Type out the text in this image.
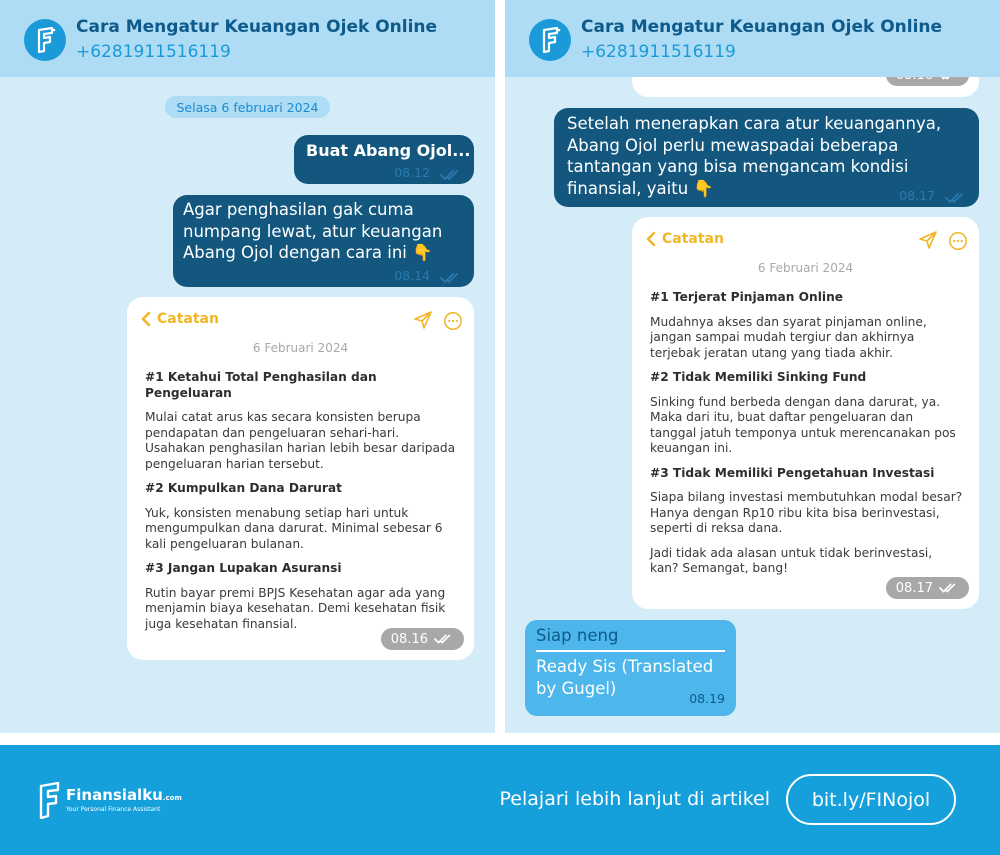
Cara Mengatur Keuangan Ojek Online
+6281911516119
Selasa 6 februari 2024
Buat Abang Ojol...
08.12
Agar penghasilan gak cuma numpang lewat, atur keuangan Abang Ojol dengan cara ini 👇
08.14
Catatan
6 Februari 2024
#1 Ketahui Total Penghasilan dan Pengeluaran
Mulai catat arus kas secara konsisten berupa pendapatan dan pengeluaran sehari-hari. Usahakan penghasilan harian lebih besar daripada pengeluaran harian tersebut.
#2 Kumpulkan Dana Darurat
Yuk, konsisten menabung setiap hari untuk mengumpulkan dana darurat. Minimal sebesar 6 kali pengeluaran bulanan.
#3 Jangan Lupakan Asuransi
Rutin bayar premi BPJS Kesehatan agar ada yang menjamin biaya kesehatan. Demi kesehatan fisik juga kesehatan finansial.
08.16
Cara Mengatur Keuangan Ojek Online
+6281911516119
Setelah menerapkan cara atur keuangannya, Abang Ojol perlu mewaspadai beberapa tantangan yang bisa mengancam kondisi finansial, yaitu 👇	08.17
Catatan
6 Februari 2024
#1 Terjerat Pinjaman Online
Mudahnya akses dan syarat pinjaman online, jangan sampai mudah tergiur dan akhirnya terjebak jeratan utang yang tiada akhir.
#2 Tidak Memiliki Sinking Fund
Sinking fund berbeda dengan dana darurat, ya. Maka dari itu, buat daftar pengeluaran dan tanggal jatuh temponya untuk merencanakan pos keuangan ini.
#3 Tidak Memiliki Pengetahuan Investasi
Siapa bilang investasi membutuhkan modal besar? Hanya dengan Rp10 ribu kita bisa berinvestasi, seperti di reksa dana.
Jadi tidak ada alasan untuk tidak berinvestasi, kan? Semangat, bang!
08.17
Siap neng
Ready Sis (Translated by Gugel)
08.19
Finansialku.com
Your Personal Finance Assistant	Pelajari lebih lanjut di artikel	bit.ly/FINojol
